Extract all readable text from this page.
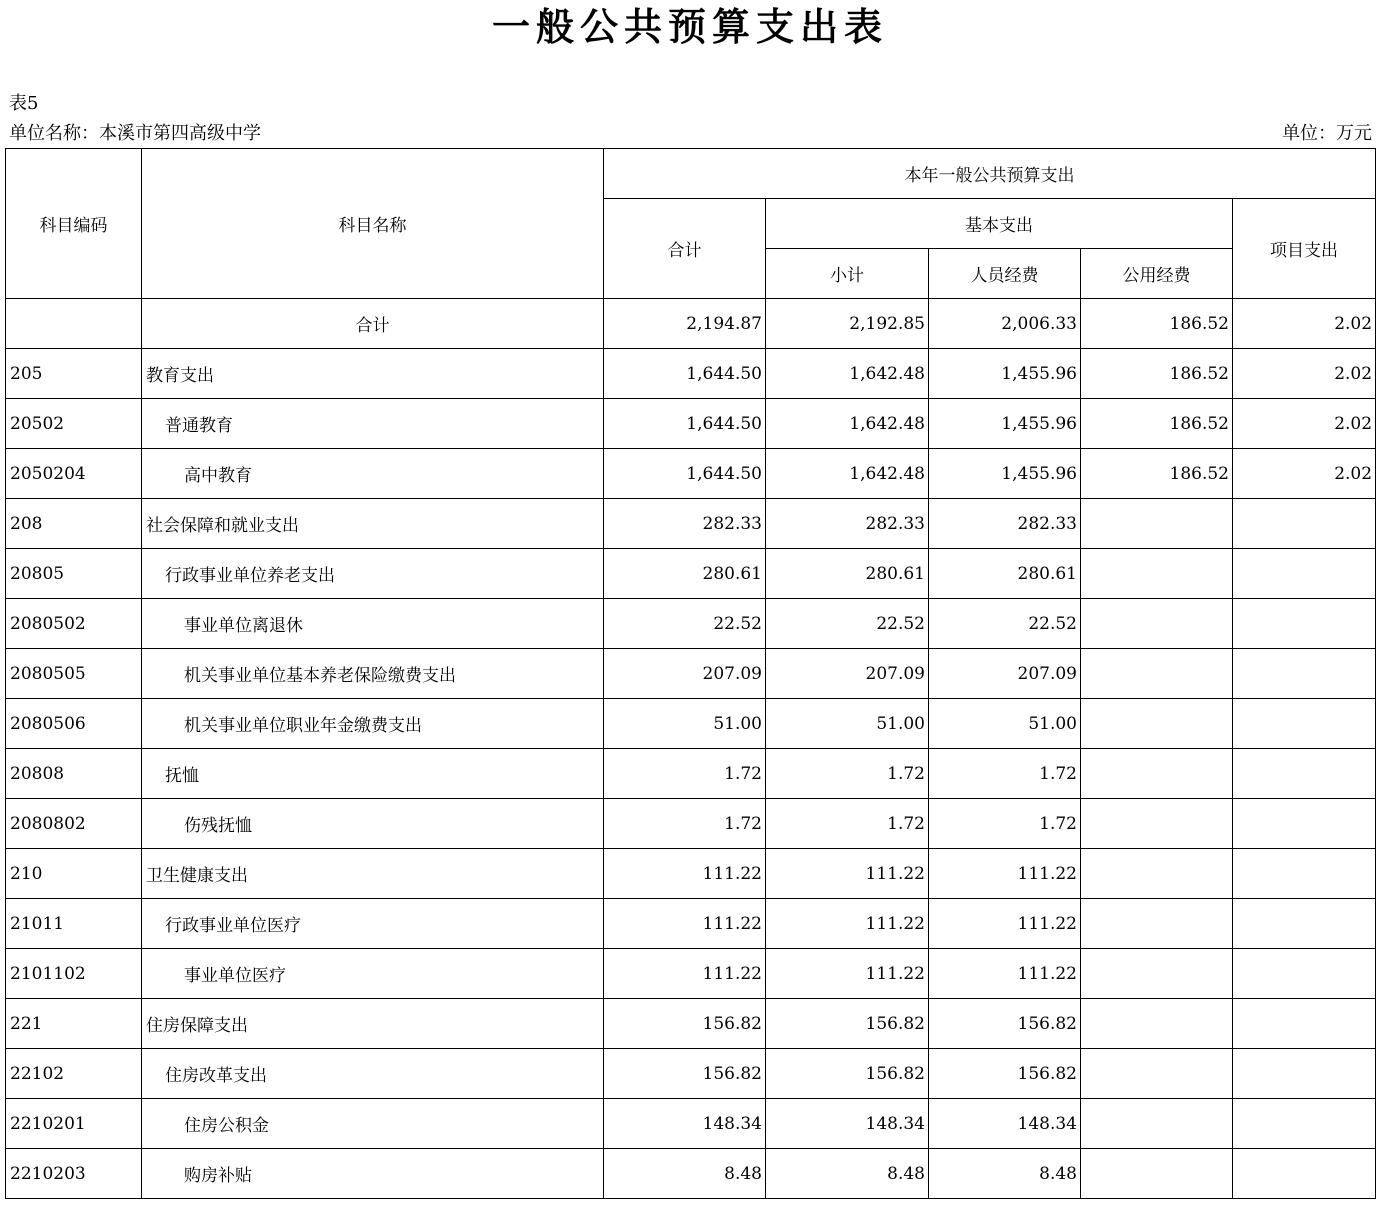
一般公共预算支出表
表5
单位名称：本溪市第四高级中学	单位：万元
科目编码	科目名称	本年一般公共预算支出				
		合计	基本支出			项目支出
			小计	人员经费	公用经费	
	合计	2,194.87	2,192.85	2,006.33	186.52	2.02
205	教育支出	1,644.50	1,642.48	1,455.96	186.52	2.02
20502	普通教育	1,644.50	1,642.48	1,455.96	186.52	2.02
2050204	高中教育	1,644.50	1,642.48	1,455.96	186.52	2.02
208	社会保障和就业支出	282.33	282.33	282.33		
20805	行政事业单位养老支出	280.61	280.61	280.61		
2080502	事业单位离退休	22.52	22.52	22.52		
2080505	机关事业单位基本养老保险缴费支出	207.09	207.09	207.09		
2080506	机关事业单位职业年金缴费支出	51.00	51.00	51.00		
20808	抚恤	1.72	1.72	1.72		
2080802	伤残抚恤	1.72	1.72	1.72		
210	卫生健康支出	111.22	111.22	111.22		
21011	行政事业单位医疗	111.22	111.22	111.22		
2101102	事业单位医疗	111.22	111.22	111.22		
221	住房保障支出	156.82	156.82	156.82		
22102	住房改革支出	156.82	156.82	156.82		
2210201	住房公积金	148.34	148.34	148.34		
2210203	购房补贴	8.48	8.48	8.48		
